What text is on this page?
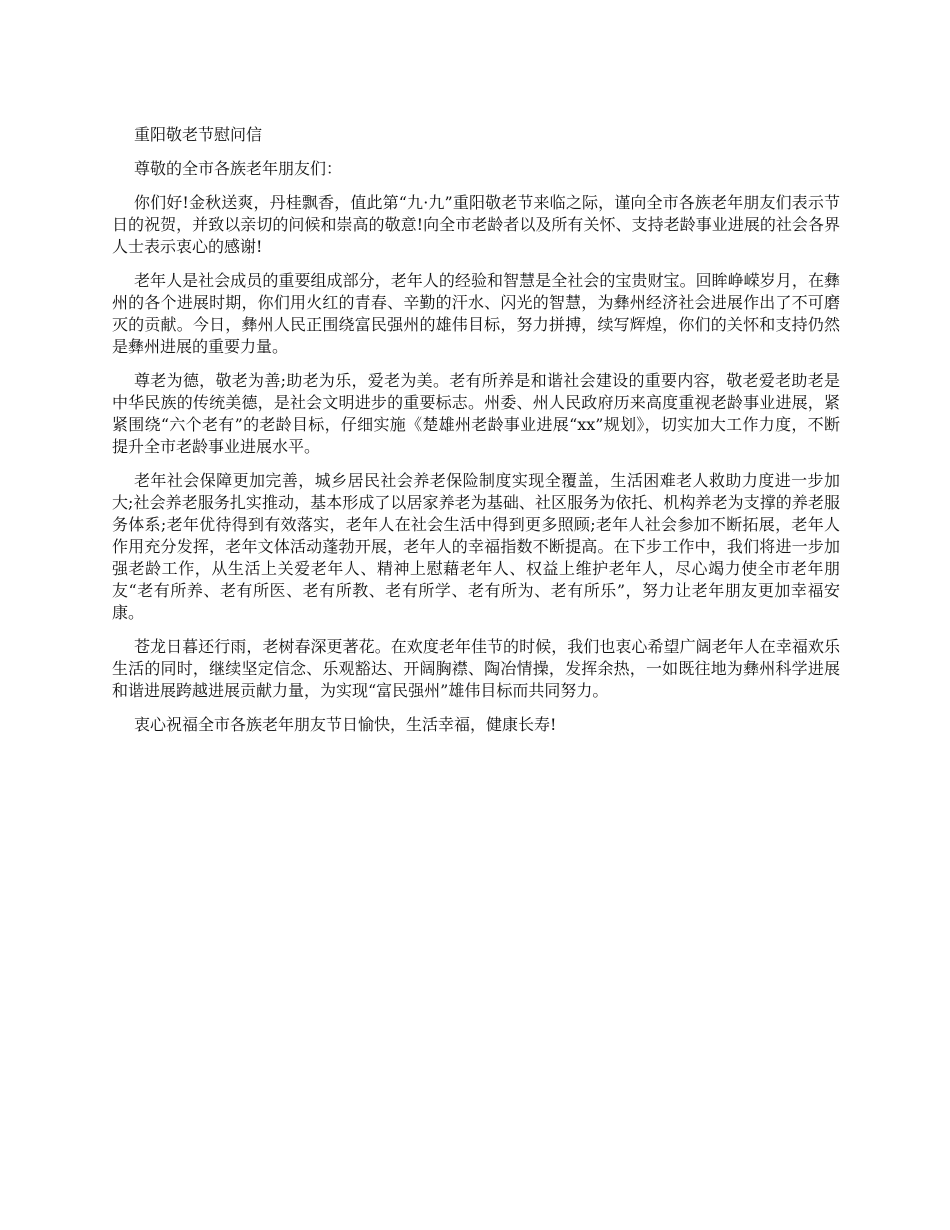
重阳敬老节慰问信

尊敬的全市各族老年朋友们：

你们好!金秋送爽，丹桂飘香，值此第“九·九”重阳敬老节来临之际，谨向全市各族老年朋友们表示节日的祝贺，并致以亲切的问候和崇高的敬意!向全市老龄者以及所有关怀、支持老龄事业进展的社会各界人士表示衷心的感谢!

老年人是社会成员的重要组成部分，老年人的经验和智慧是全社会的宝贵财宝。回眸峥嵘岁月，在彝州的各个进展时期，你们用火红的青春、辛勤的汗水、闪光的智慧，为彝州经济社会进展作出了不可磨灭的贡献。今日，彝州人民正围绕富民强州的雄伟目标，努力拼搏，续写辉煌，你们的关怀和支持仍然是彝州进展的重要力量。

尊老为德，敬老为善;助老为乐，爱老为美。老有所养是和谐社会建设的重要内容，敬老爱老助老是中华民族的传统美德，是社会文明进步的重要标志。州委、州人民政府历来高度重视老龄事业进展，紧紧围绕“六个老有”的老龄目标，仔细实施《楚雄州老龄事业进展“xx”规划》，切实加大工作力度，不断提升全市老龄事业进展水平。

老年社会保障更加完善，城乡居民社会养老保险制度实现全覆盖，生活困难老人救助力度进一步加大;社会养老服务扎实推动，基本形成了以居家养老为基础、社区服务为依托、机构养老为支撑的养老服务体系;老年优待得到有效落实，老年人在社会生活中得到更多照顾;老年人社会参加不断拓展，老年人作用充分发挥，老年文体活动蓬勃开展，老年人的幸福指数不断提高。在下步工作中，我们将进一步加强老龄工作，从生活上关爱老年人、精神上慰藉老年人、权益上维护老年人，尽心竭力使全市老年朋友“老有所养、老有所医、老有所教、老有所学、老有所为、老有所乐”，努力让老年朋友更加幸福安康。

苍龙日暮还行雨，老树春深更著花。在欢度老年佳节的时候，我们也衷心希望广阔老年人在幸福欢乐生活的同时，继续坚定信念、乐观豁达、开阔胸襟、陶冶情操，发挥余热，一如既往地为彝州科学进展和谐进展跨越进展贡献力量，为实现“富民强州”雄伟目标而共同努力。

衷心祝福全市各族老年朋友节日愉快，生活幸福，健康长寿!
